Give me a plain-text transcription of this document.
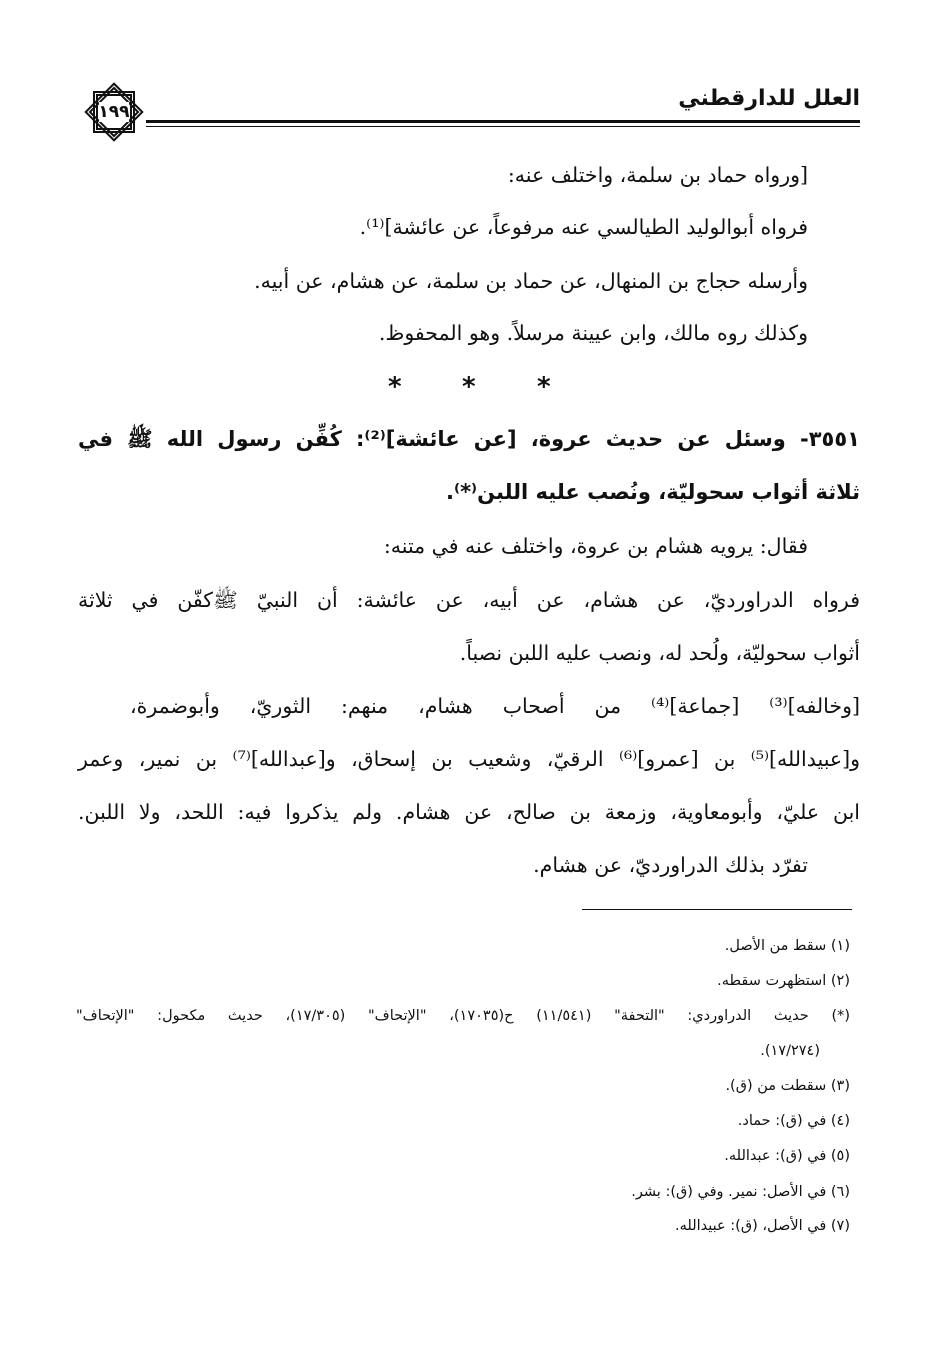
العلل للدارقطني
١٩٩
[ورواه حماد بن سلمة، واختلف عنه:
فرواه أبوالوليد الطيالسي عنه مرفوعاً، عن عائشة]⁽¹⁾.
وأرسله حجاج بن المنهال، عن حماد بن سلمة، عن هشام، عن أبيه.
وكذلك روه مالك، وابن عيينة مرسلاً. وهو المحفوظ.
* * *
٣٥٥١- وسئل عن حديث عروة، [عن عائشة]⁽²⁾: كُفِّن رسول الله ﷺ في
ثلاثة أثواب سحوليّة، ونُصب عليه اللبن⁽*⁾.
فقال: يرويه هشام بن عروة، واختلف عنه في متنه:
فرواه الدراورديّ، عن هشام، عن أبيه، عن عائشة: أن النبيّ ﷺكفّن في ثلاثة
أثواب سحوليّة، ولُحد له، ونصب عليه اللبن نصباً.
[وخالفه]⁽³⁾ [جماعة]⁽⁴⁾ من أصحاب هشام، منهم: الثوريّ، وأبوضمرة،
و[عبيدالله]⁽⁵⁾ بن [عمرو]⁽⁶⁾ الرقيّ، وشعيب بن إسحاق، و[عبدالله]⁽⁷⁾ بن نمير، وعمر
ابن عليّ، وأبومعاوية، وزمعة بن صالح، عن هشام. ولم يذكروا فيه: اللحد، ولا اللبن.
تفرّد بذلك الدراورديّ، عن هشام.
(١) سقط من الأصل.
(٢) استظهرت سقطه.
(*) حديث الدراوردي: "التحفة" (١١/٥٤١) ح(١٧٠٣٥)، "الإتحاف" (١٧/٣٠٥)، حديث مكحول: "الإتحاف"
(١٧/٢٧٤).
(٣) سقطت من (ق).
(٤) في (ق): حماد.
(٥) في (ق): عبدالله.
(٦) في الأصل: نمير. وفي (ق): بشر.
(٧) في الأصل، (ق): عبيدالله.
